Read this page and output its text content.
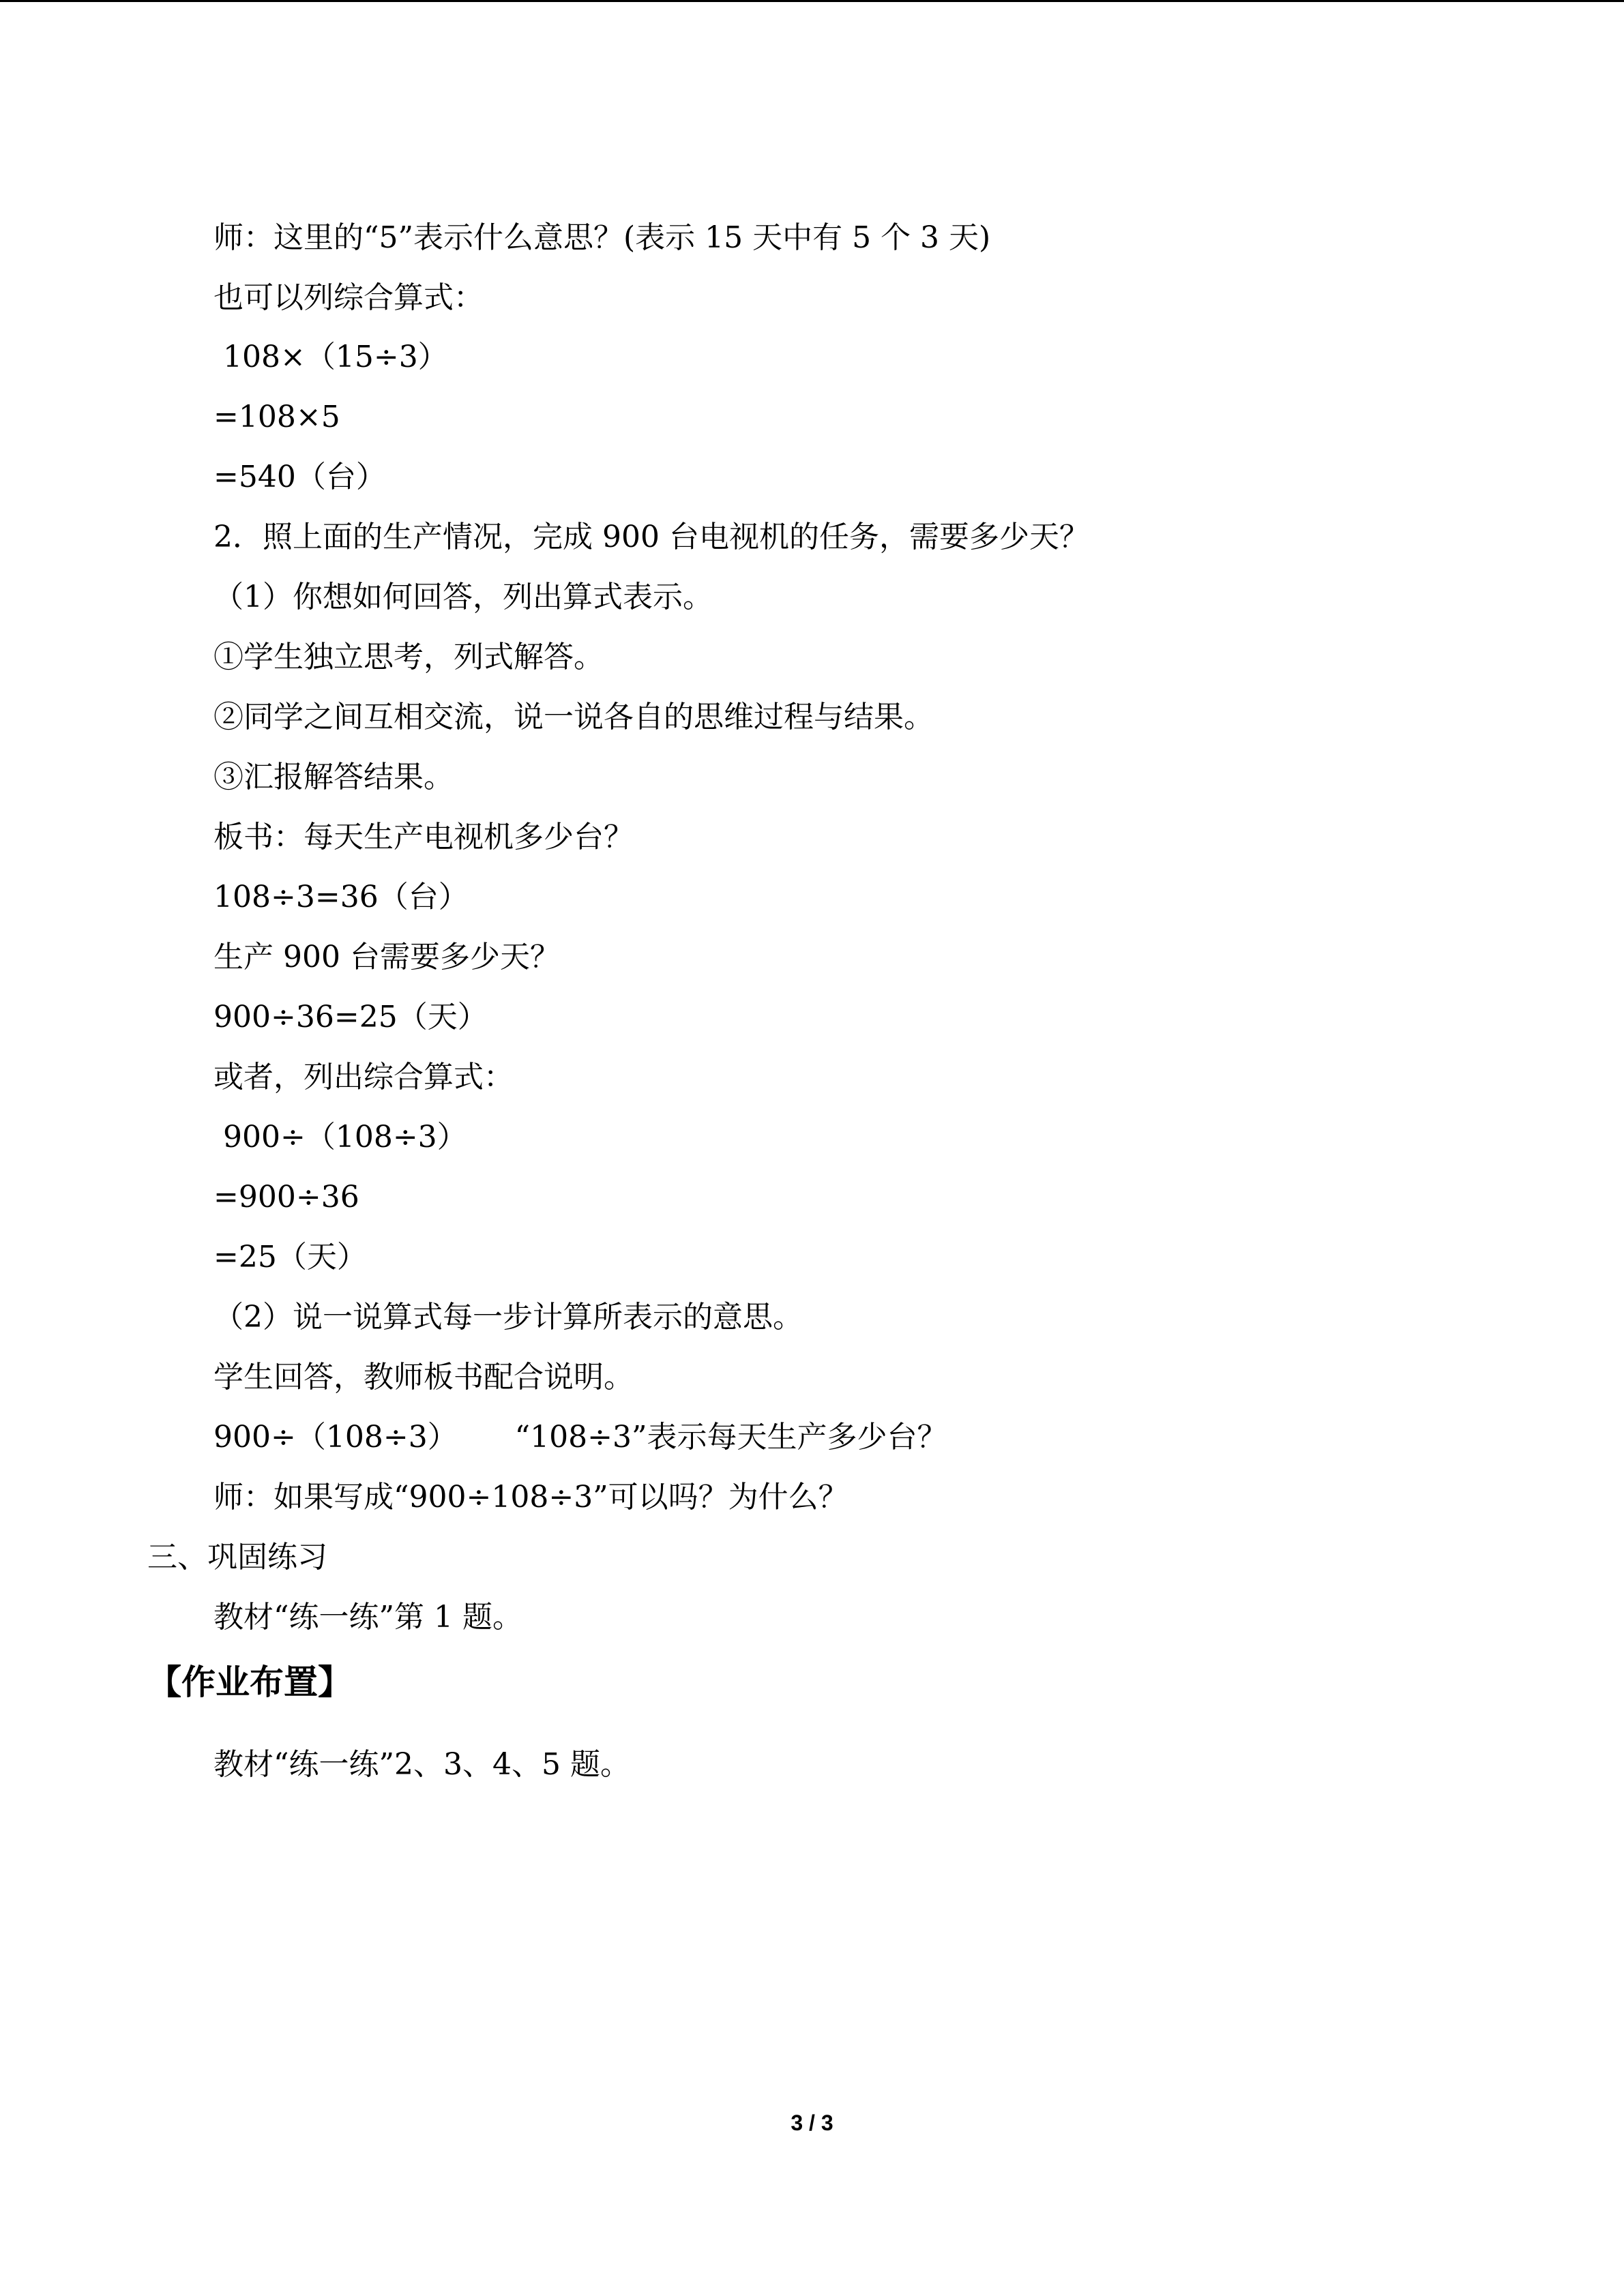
师：这里的“5”表示什么意思？(表示 15 天中有 5 个 3 天)
也可以列综合算式：
108×（15÷3）
=108×5
=540（台）
2．照上面的生产情况，完成 900 台电视机的任务，需要多少天？
（1）你想如何回答，列出算式表示。
①学生独立思考，列式解答。
②同学之间互相交流，说一说各自的思维过程与结果。
③汇报解答结果。
板书：每天生产电视机多少台？
108÷3=36（台）
生产 900 台需要多少天？
900÷36=25（天）
或者，列出综合算式：
900÷（108÷3）
=900÷36
=25（天）
（2）说一说算式每一步计算所表示的意思。
学生回答，教师板书配合说明。
900÷（108÷3）      “108÷3”表示每天生产多少台？
师：如果写成“900÷108÷3”可以吗？为什么？
三、巩固练习
教材“练一练”第 1 题。
【作业布置】
教材“练一练”2、3、4、5 题。
3 / 3
